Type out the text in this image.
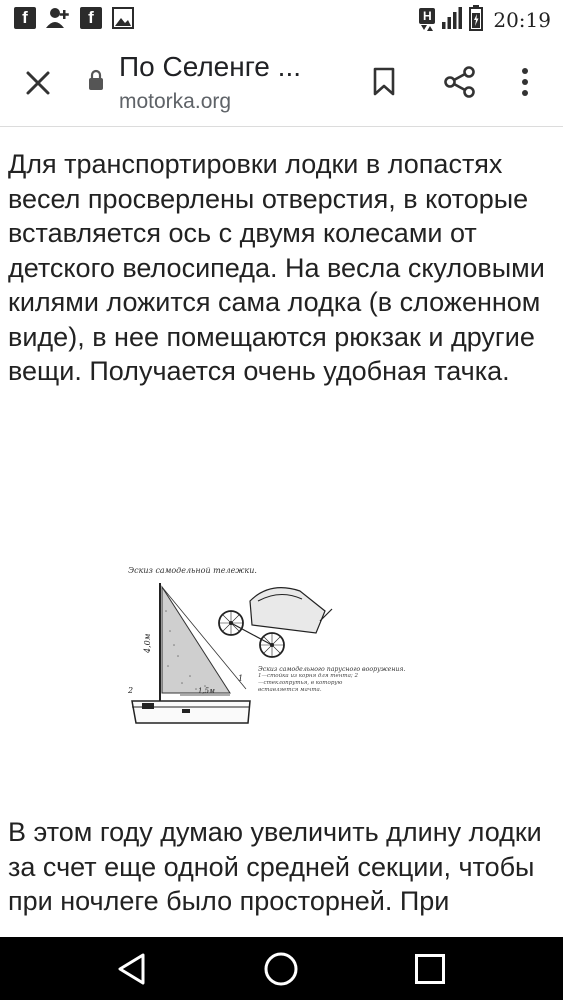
f	f	H	20:19
По Селенге ...
motorka.org

Для транспортировки лодки в лопастях весел просверлены отверстия, в которые вставляется ось с двумя колесами от детского велосипеда. На весла скуловыми килями ложится сама лодка (в сложенном виде), в нее помещаются рюкзак и другие вещи. Получается очень удобная тачка.

Эскиз самодельной тележки.
4,0м
1,5м
2
1
Эскиз самодельного парусного вооружения.
1—стойка из корня для тента; 2—стеклопрутья, в которую вставляется мачта.

В этом году думаю увеличить длину лодки за счет еще одной средней секции, чтобы при ночлеге было просторней. При
